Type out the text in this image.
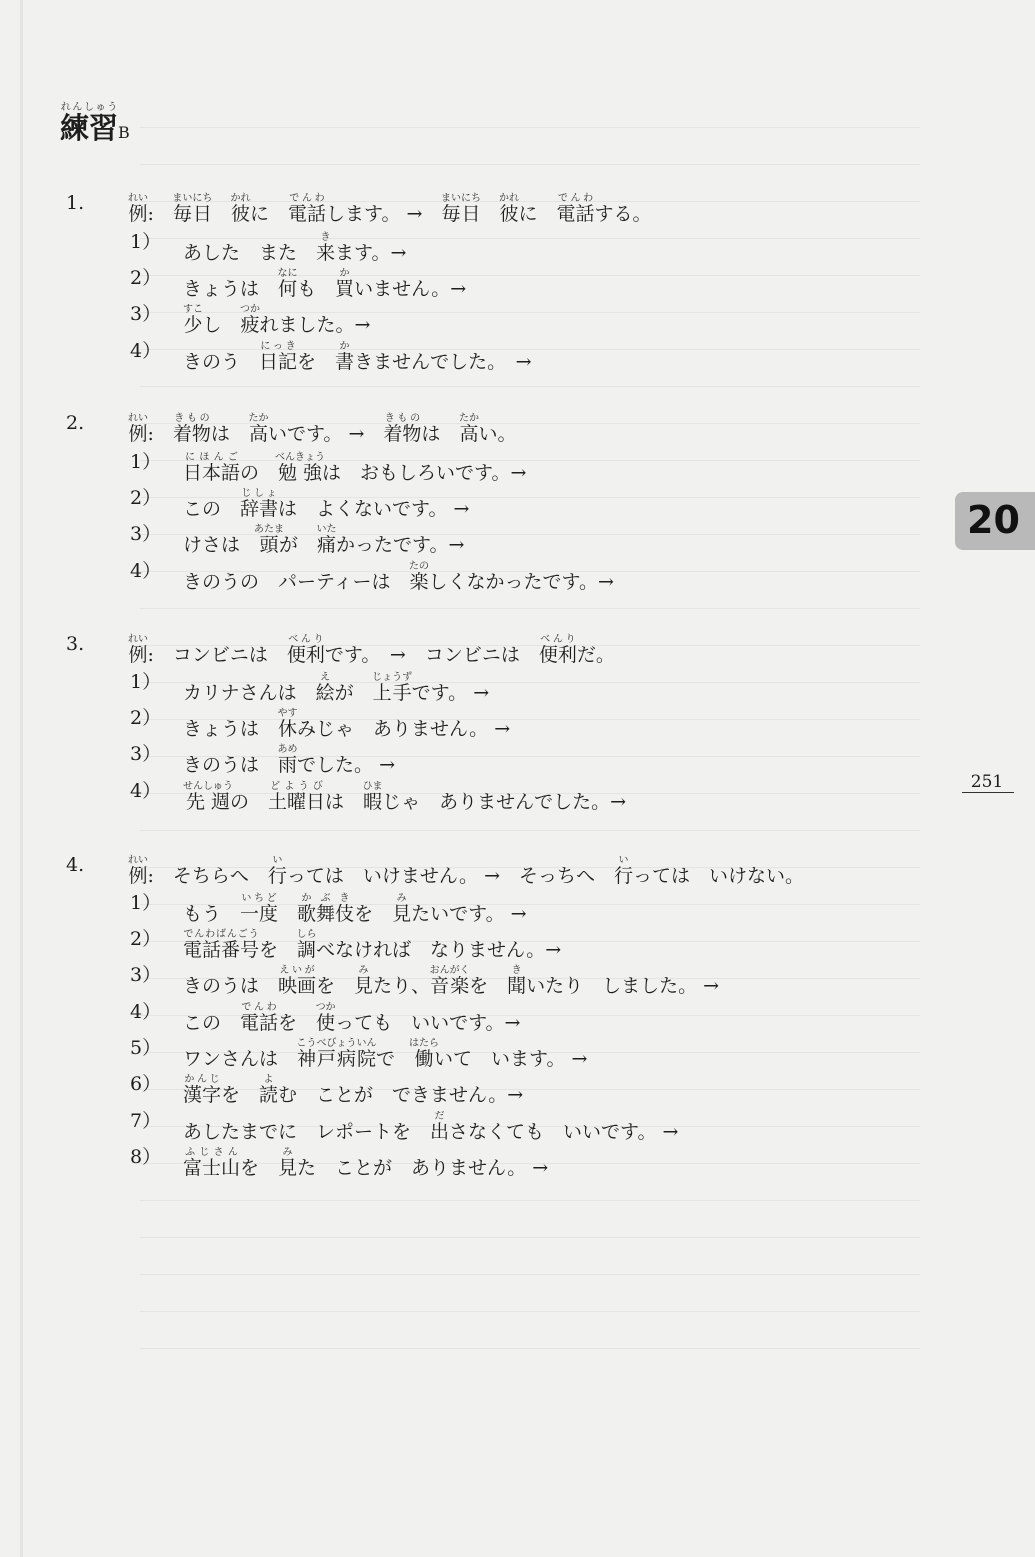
練習れんしゅうB
1.	例れい:　毎日まいにち　彼かれに　電話でんわします。 →　毎日まいにち　彼かれに　電話でんわする。
1）	あした　また　来きます。→
2）	きょうは　何なにも　買かいません。→
3）	少すこし　疲つかれました。→
4）	きのう　日記にっきを　書かきませんでした。　→
2.	例れい:　着物きものは　高たかいです。 →　着物きものは　高たかい。
1）	日本語にほんごの　勉強べんきょうは　おもしろいです。→
2）	この　辞書じしょは　よくないです。 →
3）	けさは　頭あたまが　痛いたかったです。→
4）	きのうの　パーティーは　楽たのしくなかったです。→
3.	例れい:　コンビニは　便利べんりです。　→　コンビニは　便利べんりだ。
1）	カリナさんは　絵えが　上手じょうずです。 →
2）	きょうは　休やすみじゃ　ありません。 →
3）	きのうは　雨あめでした。 →
4）	先週せんしゅうの　土曜日どようびは　暇ひまじゃ　ありませんでした。→
4.	例れい:　そちらへ　行いっては　いけません。 →　そっちへ　行いっては　いけない。
1）	もう　一度いちど　歌舞伎かぶきを　見みたいです。 →
2）	電話番号でんわばんごうを　調しらべなければ　なりません。→
3）	きのうは　映画えいがを　見みたり、音楽おんがくを　聞きいたり　しました。 →
4）	この　電話でんわを　使つかっても　いいです。→
5）	ワンさんは　神戸病院こうべびょういんで　働はたらいて　います。 →
6）	漢字かんじを　読よむ　ことが　できません。→
7）	あしたまでに　レポートを　出ださなくても　いいです。 →
8）	富士山ふじさんを　見みた　ことが　ありません。 →
20
251
